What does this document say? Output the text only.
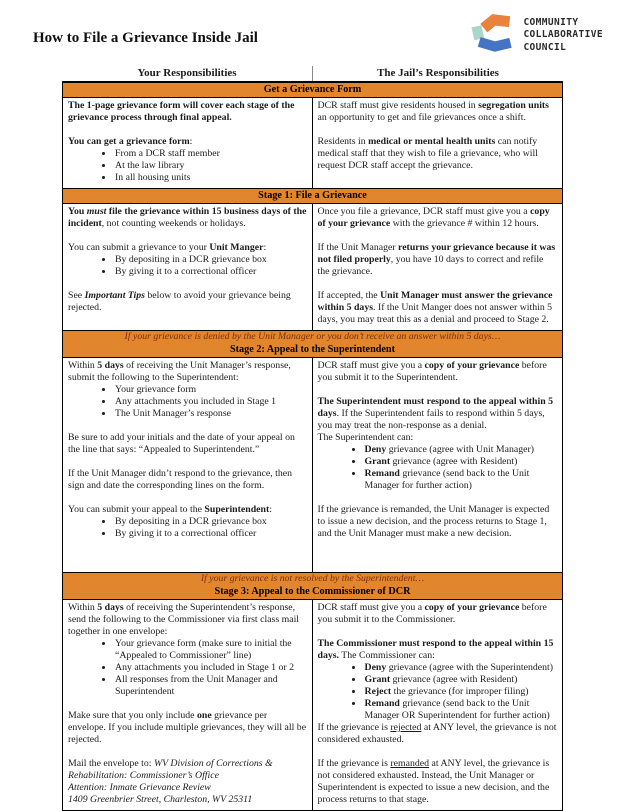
How to File a Grievance Inside Jail
COMMUNITY
COLLABORATIVE
COUNCIL
Your Responsibilities	The Jail’s Responsibilities
Get a Grievance Form
The 1-page grievance form will cover each stage of the grievance process through final appeal.
You can get a grievance form:
• From a DCR staff member
• At the law library
• In all housing units
DCR staff must give residents housed in segregation units an opportunity to get and file grievances once a shift.
Residents in medical or mental health units can notify medical staff that they wish to file a grievance, who will request DCR staff accept the grievance.
Stage 1: File a Grievance
You must file the grievance within 15 business days of the incident, not counting weekends or holidays.
You can submit a grievance to your Unit Manger:
• By depositing in a DCR grievance box
• By giving it to a correctional officer
See Important Tips below to avoid your grievance being rejected.
Once you file a grievance, DCR staff must give you a copy of your grievance with the grievance # within 12 hours.
If the Unit Manager returns your grievance because it was not filed properly, you have 10 days to correct and refile the grievance.
If accepted, the Unit Manager must answer the grievance within 5 days. If the Unit Manger does not answer within 5 days, you may treat this as a denial and proceed to Stage 2.
If your grievance is denied by the Unit Manager or you don’t receive an answer within 5 days…
Stage 2: Appeal to the Superintendent
Within 5 days of receiving the Unit Manager’s response, submit the following to the Superintendent:
• Your grievance form
• Any attachments you included in Stage 1
• The Unit Manager’s response
Be sure to add your initials and the date of your appeal on the line that says: “Appealed to Superintendent.”
If the Unit Manager didn’t respond to the grievance, then sign and date the corresponding lines on the form.
You can submit your appeal to the Superintendent:
• By depositing in a DCR grievance box
• By giving it to a correctional officer
DCR staff must give you a copy of your grievance before you submit it to the Superintendent.
The Superintendent must respond to the appeal within 5 days. If the Superintendent fails to respond within 5 days, you may treat the non-response as a denial.
The Superintendent can:
• Deny grievance (agree with Unit Manager)
• Grant grievance (agree with Resident)
• Remand grievance (send back to the Unit Manager for further action)
If the grievance is remanded, the Unit Manager is expected to issue a new decision, and the process returns to Stage 1, and the Unit Manager must make a new decision.
If your grievance is not resolved by the Superintendent…
Stage 3: Appeal to the Commissioner of DCR
Within 5 days of receiving the Superintendent’s response, send the following to the Commissioner via first class mail together in one envelope:
• Your grievance form (make sure to initial the “Appealed to Commissioner” line)
• Any attachments you included in Stage 1 or 2
• All responses from the Unit Manager and Superintendent
Make sure that you only include one grievance per envelope. If you include multiple grievances, they will all be rejected.
Mail the envelope to: WV Division of Corrections & Rehabilitation: Commissioner’s Office
Attention: Inmate Grievance Review
1409 Greenbrier Street, Charleston, WV 25311
DCR staff must give you a copy of your grievance before you submit it to the Commissioner.
The Commissioner must respond to the appeal within 15 days. The Commissioner can:
• Deny grievance (agree with the Superintendent)
• Grant grievance (agree with Resident)
• Reject the grievance (for improper filing)
• Remand grievance (send back to the Unit Manager OR Superintendent for further action)
If the grievance is rejected at ANY level, the grievance is not considered exhausted.
If the grievance is remanded at ANY level, the grievance is not considered exhausted. Instead, the Unit Manager or Superintendent is expected to issue a new decision, and the process returns to that stage.
